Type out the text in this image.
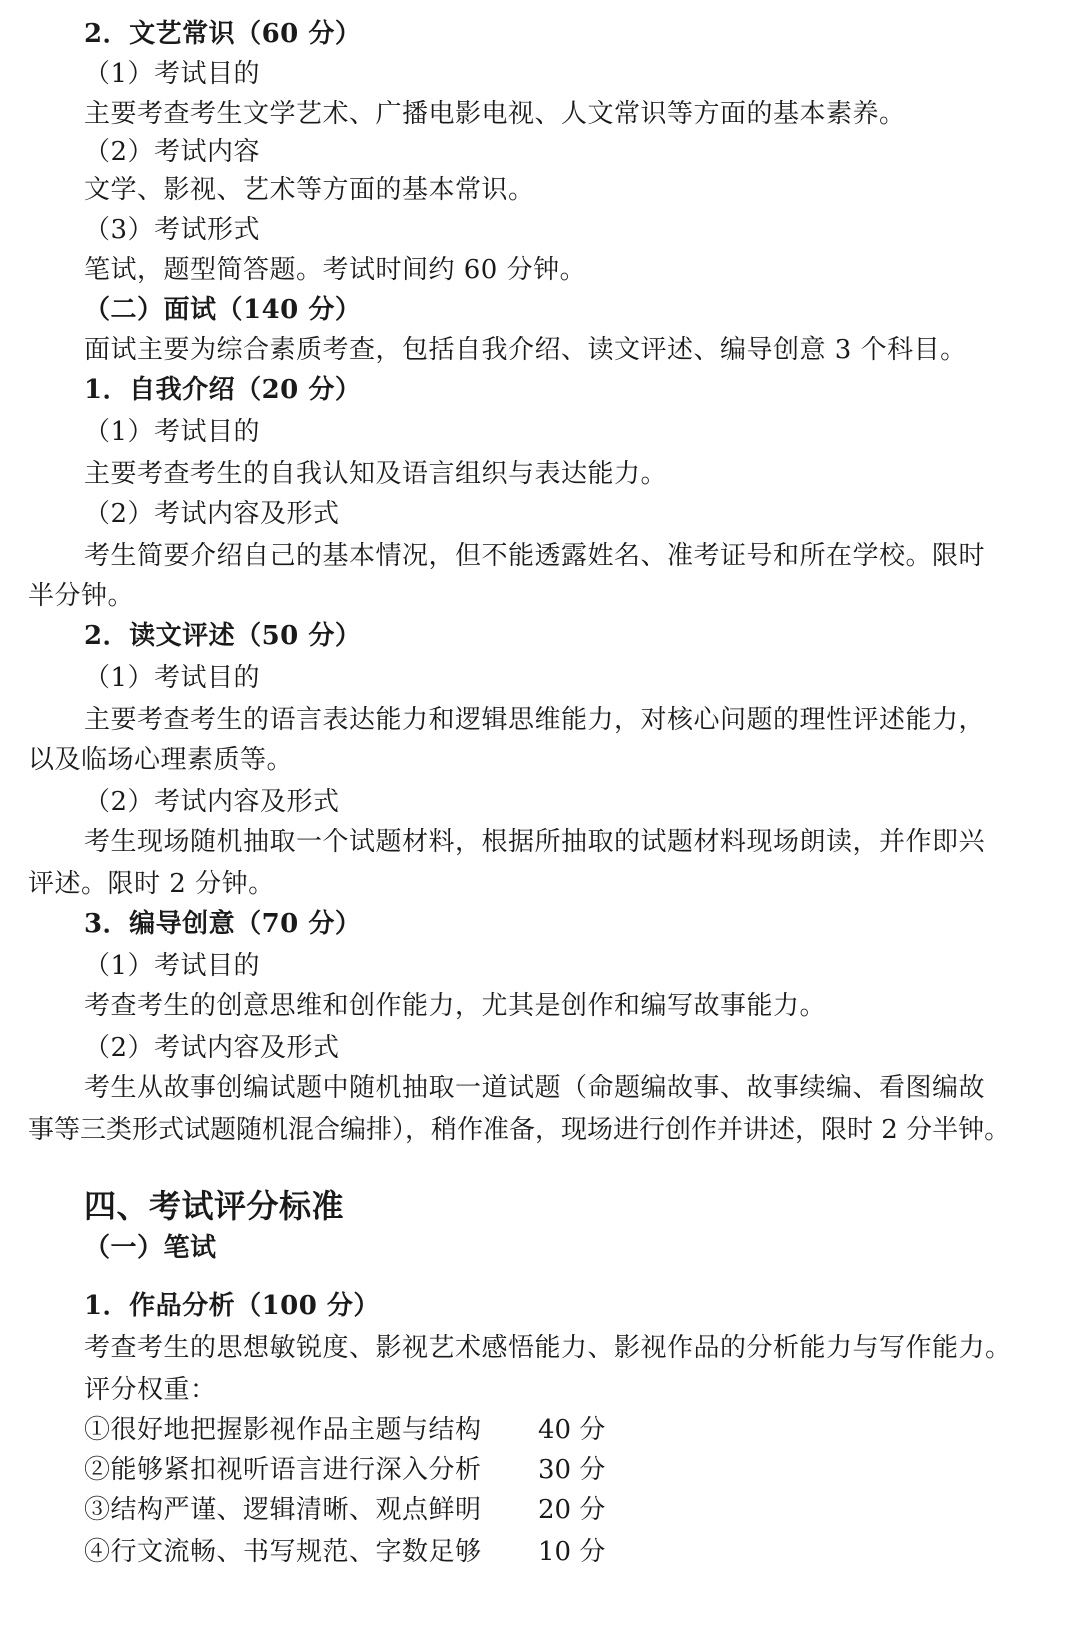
2．文艺常识（60 分）
（1）考试目的
主要考查考生文学艺术、广播电影电视、人文常识等方面的基本素养。
（2）考试内容
文学、影视、艺术等方面的基本常识。
（3）考试形式
笔试，题型简答题。考试时间约 60 分钟。
（二）面试（140 分）
面试主要为综合素质考查，包括自我介绍、读文评述、编导创意 3 个科目。
1．自我介绍（20 分）
（1）考试目的
主要考查考生的自我认知及语言组织与表达能力。
（2）考试内容及形式
考生简要介绍自己的基本情况，但不能透露姓名、准考证号和所在学校。限时
半分钟。
2．读文评述（50 分）
（1）考试目的
主要考查考生的语言表达能力和逻辑思维能力，对核心问题的理性评述能力，
以及临场心理素质等。
（2）考试内容及形式
考生现场随机抽取一个试题材料，根据所抽取的试题材料现场朗读，并作即兴
评述。限时 2 分钟。
3．编导创意（70 分）
（1）考试目的
考查考生的创意思维和创作能力，尤其是创作和编写故事能力。
（2）考试内容及形式
考生从故事创编试题中随机抽取一道试题（命题编故事、故事续编、看图编故
事等三类形式试题随机混合编排），稍作准备，现场进行创作并讲述，限时 2 分半钟。
四、考试评分标准
（一）笔试
1．作品分析（100 分）
考查考生的思想敏锐度、影视艺术感悟能力、影视作品的分析能力与写作能力。
评分权重：
①很好地把握影视作品主题与结构 40 分
②能够紧扣视听语言进行深入分析 30 分
③结构严谨、逻辑清晰、观点鲜明 20 分
④行文流畅、书写规范、字数足够 10 分
